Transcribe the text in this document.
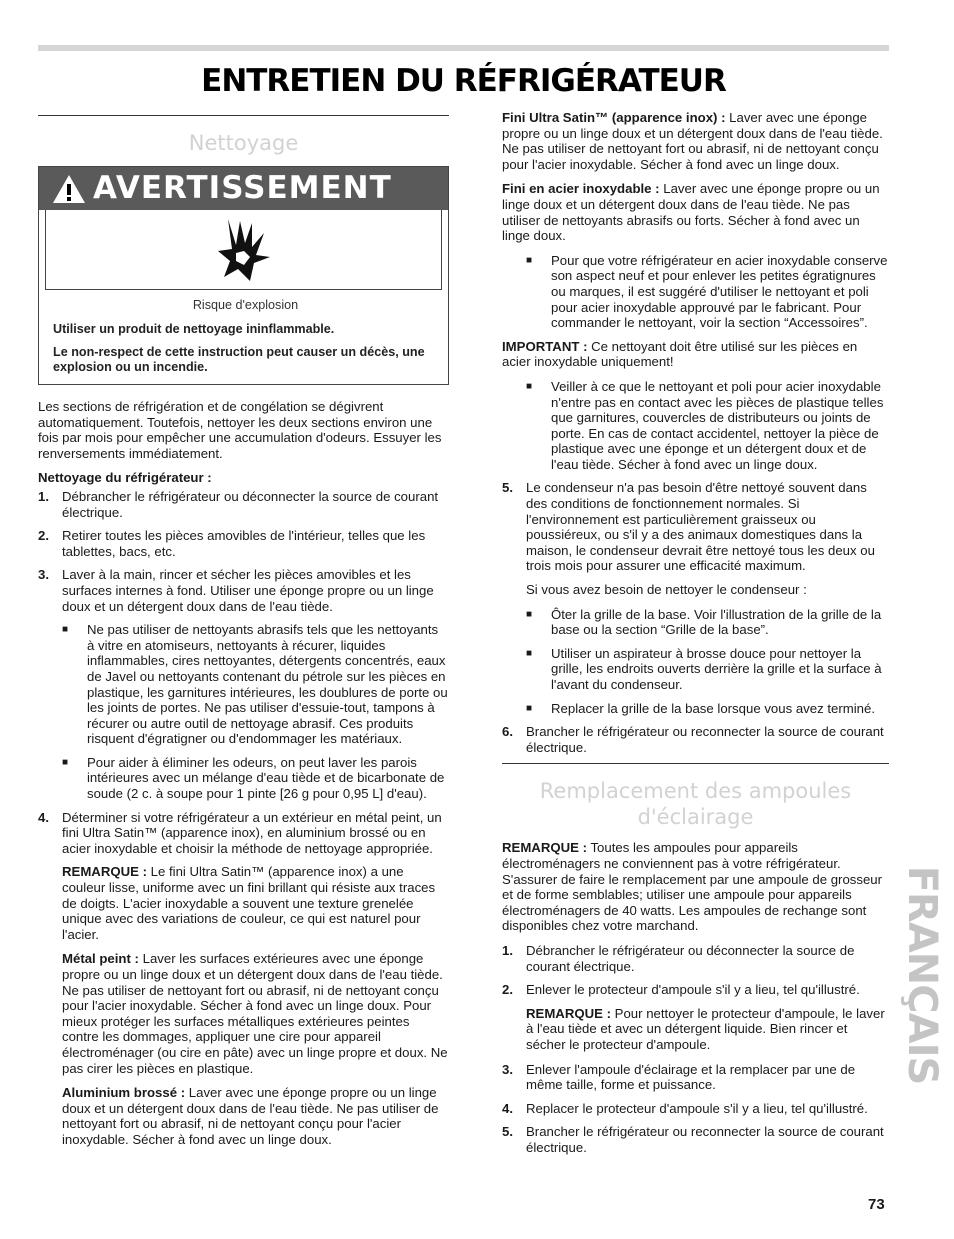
ENTRETIEN DU RÉFRIGÉRATEUR
Nettoyage
AVERTISSEMENT
Risque d'explosion
Utiliser un produit de nettoyage ininflammable.
Le non-respect de cette instruction peut causer un décès, une explosion ou un incendie.

Les sections de réfrigération et de congélation se dégivrent automatiquement. Toutefois, nettoyer les deux sections environ une fois par mois pour empêcher une accumulation d'odeurs. Essuyer les renversements immédiatement.

Nettoyage du réfrigérateur :
1. Débrancher le réfrigérateur ou déconnecter la source de courant électrique.
2. Retirer toutes les pièces amovibles de l'intérieur, telles que les tablettes, bacs, etc.
3. Laver à la main, rincer et sécher les pièces amovibles et les surfaces internes à fond. Utiliser une éponge propre ou un linge doux et un détergent doux dans de l'eau tiède.
■	Ne pas utiliser de nettoyants abrasifs tels que les nettoyants à vitre en atomiseurs, nettoyants à récurer, liquides inflammables, cires nettoyantes, détergents concentrés, eaux de Javel ou nettoyants contenant du pétrole sur les pièces en plastique, les garnitures intérieures, les doublures de porte ou les joints de portes. Ne pas utiliser d'essuie-tout, tampons à récurer ou autre outil de nettoyage abrasif. Ces produits risquent d'égratigner ou d'endommager les matériaux.
■	Pour aider à éliminer les odeurs, on peut laver les parois intérieures avec un mélange d'eau tiède et de bicarbonate de soude (2 c. à soupe pour 1 pinte [26 g pour 0,95 L] d'eau).
4. Déterminer si votre réfrigérateur a un extérieur en métal peint, un fini Ultra Satin™ (apparence inox), en aluminium brossé ou en acier inoxydable et choisir la méthode de nettoyage appropriée.

REMARQUE : Le fini Ultra Satin™ (apparence inox) a une couleur lisse, uniforme avec un fini brillant qui résiste aux traces de doigts. L'acier inoxydable a souvent une texture grenelée unique avec des variations de couleur, ce qui est naturel pour l'acier.

Métal peint : Laver les surfaces extérieures avec une éponge propre ou un linge doux et un détergent doux dans de l'eau tiède. Ne pas utiliser de nettoyant fort ou abrasif, ni de nettoyant conçu pour l'acier inoxydable. Sécher à fond avec un linge doux. Pour mieux protéger les surfaces métalliques extérieures peintes contre les dommages, appliquer une cire pour appareil électroménager (ou cire en pâte) avec un linge propre et doux. Ne pas cirer les pièces en plastique.

Aluminium brossé : Laver avec une éponge propre ou un linge doux et un détergent doux dans de l'eau tiède. Ne pas utiliser de nettoyant fort ou abrasif, ni de nettoyant conçu pour l'acier inoxydable. Sécher à fond avec un linge doux.

Fini Ultra Satin™ (apparence inox) : Laver avec une éponge propre ou un linge doux et un détergent doux dans de l'eau tiède. Ne pas utiliser de nettoyant fort ou abrasif, ni de nettoyant conçu pour l'acier inoxydable. Sécher à fond avec un linge doux.

Fini en acier inoxydable : Laver avec une éponge propre ou un linge doux et un détergent doux dans de l'eau tiède. Ne pas utiliser de nettoyants abrasifs ou forts. Sécher à fond avec un linge doux.

■	Pour que votre réfrigérateur en acier inoxydable conserve son aspect neuf et pour enlever les petites égratignures ou marques, il est suggéré d'utiliser le nettoyant et poli pour acier inoxydable approuvé par le fabricant. Pour commander le nettoyant, voir la section “Accessoires”.

IMPORTANT : Ce nettoyant doit être utilisé sur les pièces en acier inoxydable uniquement!

■	Veiller à ce que le nettoyant et poli pour acier inoxydable n'entre pas en contact avec les pièces de plastique telles que garnitures, couvercles de distributeurs ou joints de porte. En cas de contact accidentel, nettoyer la pièce de plastique avec une éponge et un détergent doux et de l'eau tiède. Sécher à fond avec un linge doux.
5. Le condenseur n'a pas besoin d'être nettoyé souvent dans des conditions de fonctionnement normales. Si l'environnement est particulièrement graisseux ou poussiéreux, ou s'il y a des animaux domestiques dans la maison, le condenseur devrait être nettoyé tous les deux ou trois mois pour assurer une efficacité maximum.

Si vous avez besoin de nettoyer le condenseur :

■	Ôter la grille de la base. Voir l'illustration de la grille de la base ou la section “Grille de la base”.
■	Utiliser un aspirateur à brosse douce pour nettoyer la grille, les endroits ouverts derrière la grille et la surface à l'avant du condenseur.
■	Replacer la grille de la base lorsque vous avez terminé.
6. Brancher le réfrigérateur ou reconnecter la source de courant électrique.
Remplacement des ampoules d'éclairage

REMARQUE : Toutes les ampoules pour appareils électroménagers ne conviennent pas à votre réfrigérateur. S'assurer de faire le remplacement par une ampoule de grosseur et de forme semblables; utiliser une ampoule pour appareils électroménagers de 40 watts. Les ampoules de rechange sont disponibles chez votre marchand.

1. Débrancher le réfrigérateur ou déconnecter la source de courant électrique.
2. Enlever le protecteur d'ampoule s'il y a lieu, tel qu'illustré.

REMARQUE : Pour nettoyer le protecteur d'ampoule, le laver à l'eau tiède et avec un détergent liquide. Bien rincer et sécher le protecteur d'ampoule.

3. Enlever l'ampoule d'éclairage et la remplacer par une de même taille, forme et puissance.
4. Replacer le protecteur d'ampoule s'il y a lieu, tel qu'illustré.
5. Brancher le réfrigérateur ou reconnecter la source de courant électrique.
FRANÇAIS
73
